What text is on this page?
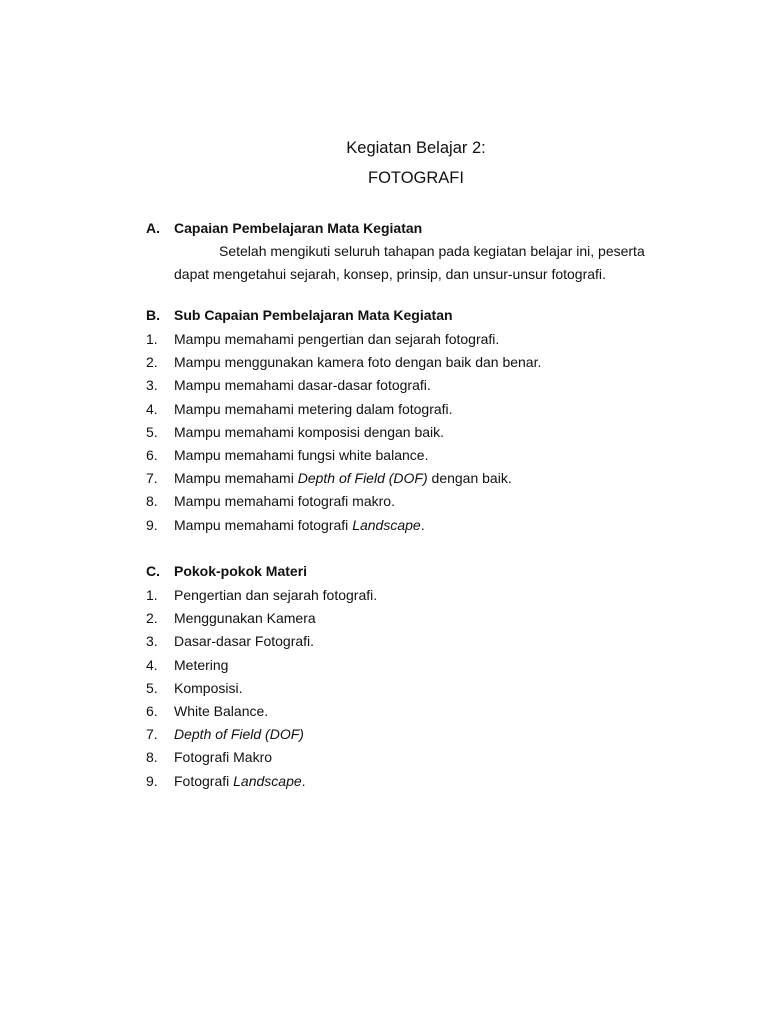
Kegiatan Belajar 2:
FOTOGRAFI
A.	Capaian Pembelajaran Mata Kegiatan
Setelah mengikuti seluruh tahapan pada kegiatan belajar ini, peserta
dapat mengetahui sejarah, konsep, prinsip, dan unsur-unsur fotografi.
B.	Sub Capaian Pembelajaran Mata Kegiatan
1.	Mampu memahami pengertian dan sejarah fotografi.
2.	Mampu menggunakan kamera foto dengan baik dan benar.
3.	Mampu memahami dasar-dasar fotografi.
4.	Mampu memahami metering dalam fotografi.
5.	Mampu memahami komposisi dengan baik.
6.	Mampu memahami fungsi white balance.
7.	Mampu memahami Depth of Field (DOF) dengan baik.
8.	Mampu memahami fotografi makro.
9.	Mampu memahami fotografi Landscape.
C.	Pokok-pokok Materi
1.	Pengertian dan sejarah fotografi.
2.	Menggunakan Kamera
3.	Dasar-dasar Fotografi.
4.	Metering
5.	Komposisi.
6.	White Balance.
7.	Depth of Field (DOF)
8.	Fotografi Makro
9.	Fotografi Landscape.
